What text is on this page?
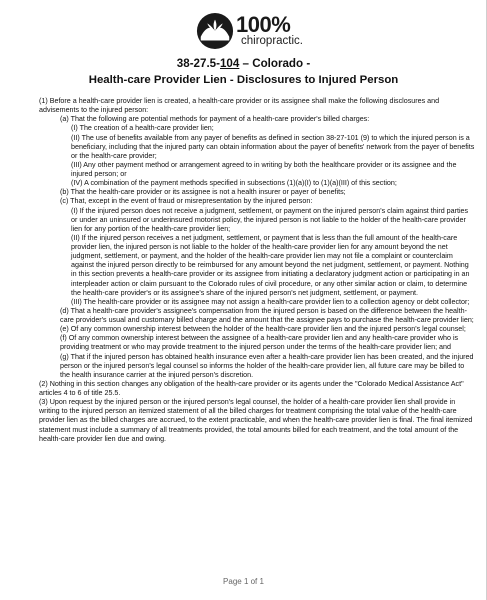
100%
chiropractic.
38-27.5-104 – Colorado -
Health-care Provider Lien - Disclosures to Injured Person

(1) Before a health-care provider lien is created, a health-care provider or its assignee shall make the following disclosures and advisements to the injured person:

(a) That the following are potential methods for payment of a health-care provider's billed charges:

(I) The creation of a health-care provider lien;

(II) The use of benefits available from any payer of benefits as defined in section 38-27-101 (9) to which the injured person is a beneficiary, including that the injured party can obtain information about the payer of benefits' network from the payer of benefits or the health-care provider;

(III) Any other payment method or arrangement agreed to in writing by both the healthcare provider or its assignee and the injured person; or

(IV) A combination of the payment methods specified in subsections (1)(a)(I) to (1)(a)(III) of this section;

(b) That the health-care provider or its assignee is not a health insurer or payer of benefits;

(c) That, except in the event of fraud or misrepresentation by the injured person:

(I) If the injured person does not receive a judgment, settlement, or payment on the injured person's claim against third parties or under an uninsured or underinsured motorist policy, the injured person is not liable to the holder of the health-care provider lien for any portion of the health-care provider lien;

(II) If the injured person receives a net judgment, settlement, or payment that is less than the full amount of the health-care provider lien, the injured person is not liable to the holder of the health-care provider lien for any amount beyond the net judgment, settlement, or payment, and the holder of the health-care provider lien may not file a complaint or counterclaim against the injured person directly to be reimbursed for any amount beyond the net judgment, settlement, or payment. Nothing in this section prevents a health-care provider or its assignee from initiating a declaratory judgment action or participating in an interpleader action or claim pursuant to the Colorado rules of civil procedure, or any other similar action or claim, to determine the health-care provider's or its assignee's share of the injured person's net judgment, settlement, or payment.

(III) The health-care provider or its assignee may not assign a health-care provider lien to a collection agency or debt collector;

(d) That a health-care provider's assignee's compensation from the injured person is based on the difference between the health-care provider's usual and customary billed charge and the amount that the assignee pays to purchase the health-care provider lien;

(e) Of any common ownership interest between the holder of the health-care provider lien and the injured person's legal counsel;

(f) Of any common ownership interest between the assignee of a health-care provider lien and any health-care provider who is providing treatment or who may provide treatment to the injured person under the terms of the health-care provider lien; and

(g) That if the injured person has obtained health insurance even after a health-care provider lien has been created, and the injured person or the injured person's legal counsel so informs the holder of the health-care provider lien, all future care may be billed to the health insurance carrier at the injured person's discretion.

(2) Nothing in this section changes any obligation of the health-care provider or its agents under the "Colorado Medical Assistance Act" articles 4 to 6 of title 25.5.

(3) Upon request by the injured person or the injured person's legal counsel, the holder of a health-care provider lien shall provide in writing to the injured person an itemized statement of all the billed charges for treatment comprising the total value of the health-care provider lien as the billed charges are accrued, to the extent practicable, and when the health-care provider lien is final. The final itemized statement must include a summary of all treatments provided, the total amounts billed for each treatment, and the total amount of the health-care provider lien due and owing.

Page 1 of 1
